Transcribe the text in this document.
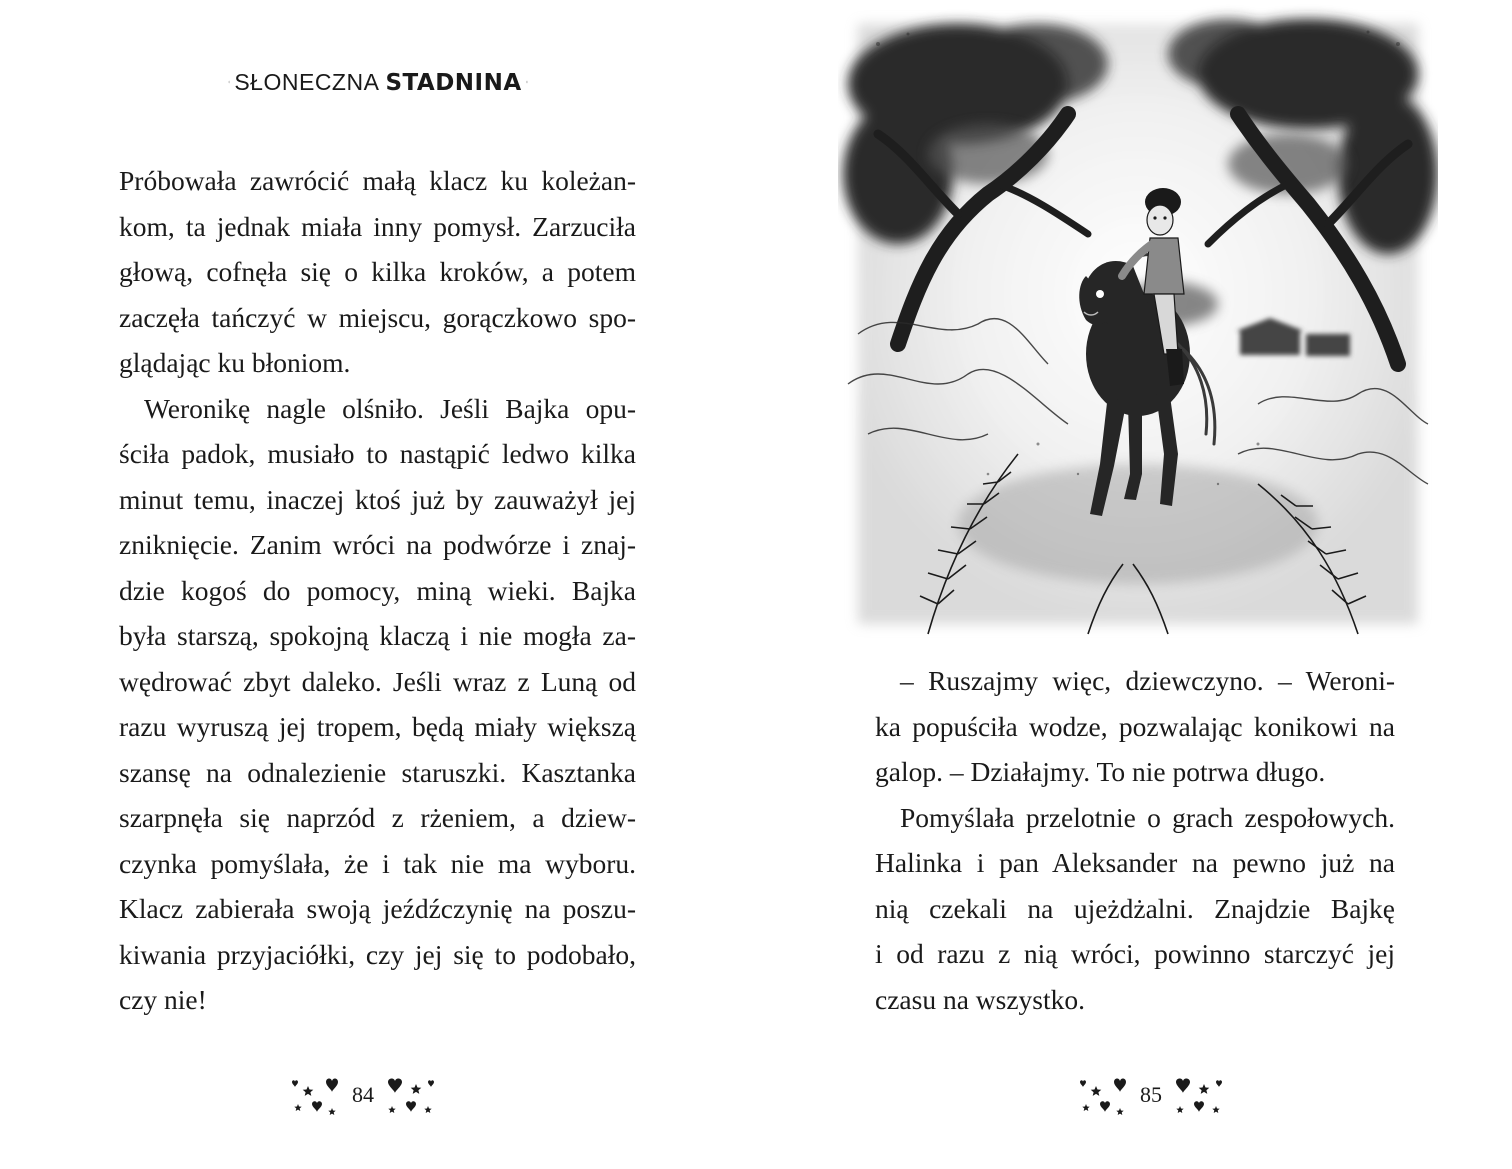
SŁONECZNA STADNINA

Próbowała zawrócić małą klacz ku koleżan-
kom, ta jednak miała inny pomysł. Zarzuciła
głową, cofnęła się o kilka kroków, a potem
zaczęła tańczyć w miejscu, gorączkowo spo-
glądając ku błoniom.

Weronikę nagle olśniło. Jeśli Bajka opu-
ściła padok, musiało to nastąpić ledwo kilka
minut temu, inaczej ktoś już by zauważył jej
zniknięcie. Zanim wróci na podwórze i znaj-
dzie kogoś do pomocy, miną wieki. Bajka
była starszą, spokojną klaczą i nie mogła za-
wędrować zbyt daleko. Jeśli wraz z Luną od
razu wyruszą jej tropem, będą miały większą
szansę na odnalezienie staruszki. Kasztanka
szarpnęła się naprzód z rżeniem, a dziew-
czynka pomyślała, że i tak nie ma wyboru.
Klacz zabierała swoją jeźdźczynię na poszu-
kiwania przyjaciółki, czy jej się to podobało,
czy nie!

84

– Ruszajmy więc, dziewczyno. – Weroni-
ka popuściła wodze, pozwalając konikowi na
galop. – Działajmy. To nie potrwa długo.

Pomyślała przelotnie o grach zespołowych.
Halinka i pan Aleksander na pewno już na
nią czekali na ujeżdżalni. Znajdzie Bajkę
i od razu z nią wróci, powinno starczyć jej
czasu na wszystko.

85
